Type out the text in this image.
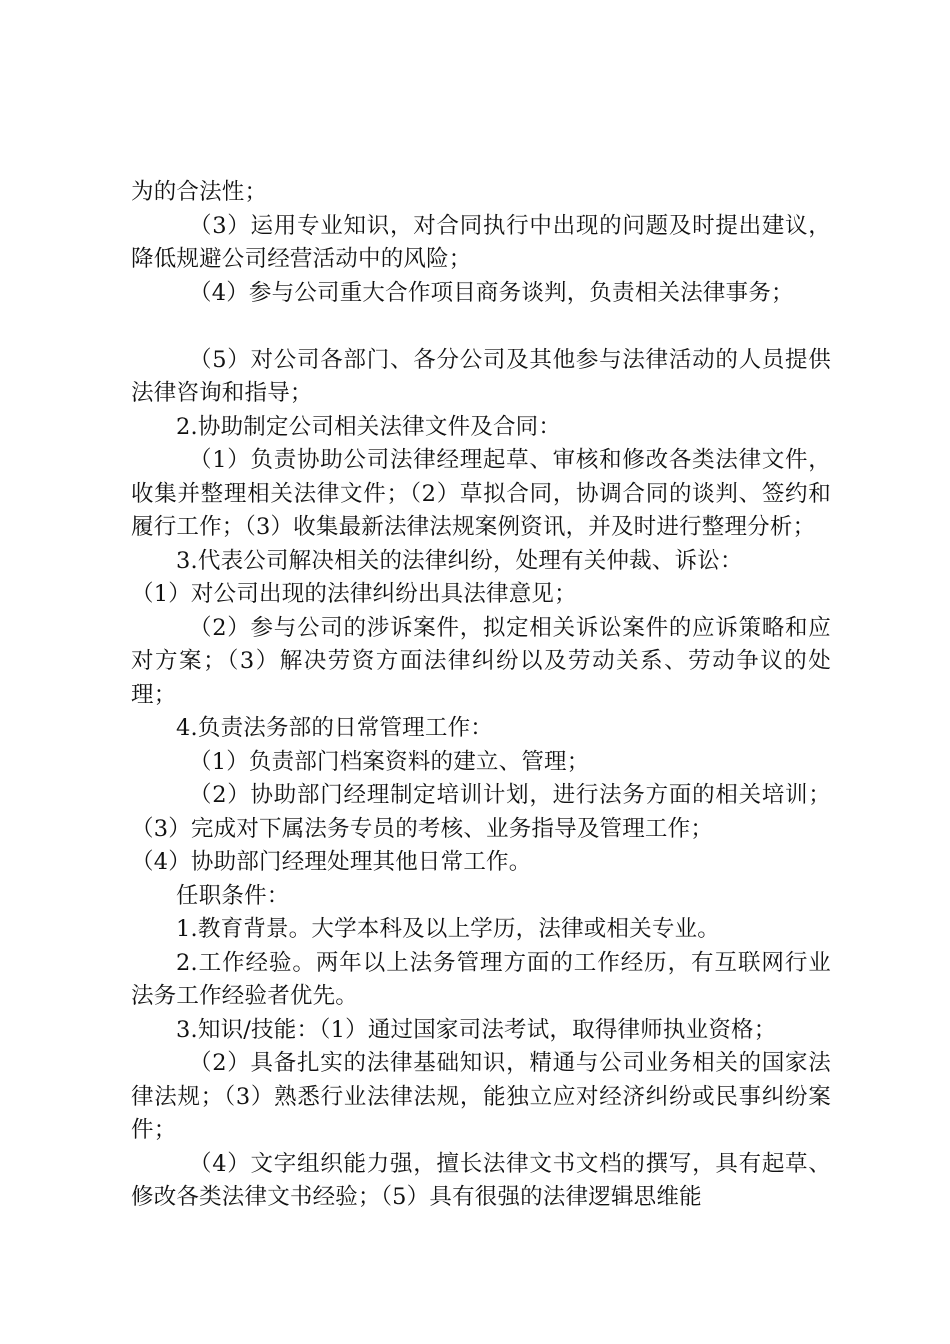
为的合法性；

（3）运用专业知识，对合同执行中出现的问题及时提出建议，降低规避公司经营活动中的风险；

（4）参与公司重大合作项目商务谈判，负责相关法律事务；

（5）对公司各部门、各分公司及其他参与法律活动的人员提供法律咨询和指导；

2.协助制定公司相关法律文件及合同：

（1）负责协助公司法律经理起草、审核和修改各类法律文件，收集并整理相关法律文件；（2）草拟合同，协调合同的谈判、签约和履行工作；（3）收集最新法律法规案例资讯，并及时进行整理分析；

3.代表公司解决相关的法律纠纷，处理有关仲裁、诉讼：

（1）对公司出现的法律纠纷出具法律意见；

（2）参与公司的涉诉案件，拟定相关诉讼案件的应诉策略和应对方案；（3）解决劳资方面法律纠纷以及劳动关系、劳动争议的处理；

4.负责法务部的日常管理工作：

（1）负责部门档案资料的建立、管理；

（2）协助部门经理制定培训计划，进行法务方面的相关培训；（3）完成对下属法务专员的考核、业务指导及管理工作；

（4）协助部门经理处理其他日常工作。

任职条件：

1.教育背景。大学本科及以上学历，法律或相关专业。

2.工作经验。两年以上法务管理方面的工作经历，有互联网行业法务工作经验者优先。

3.知识/技能：（1）通过国家司法考试，取得律师执业资格；

（2）具备扎实的法律基础知识，精通与公司业务相关的国家法律法规；（3）熟悉行业法律法规，能独立应对经济纠纷或民事纠纷案件；

（4）文字组织能力强，擅长法律文书文档的撰写，具有起草、修改各类法律文书经验；（5）具有很强的法律逻辑思维能
